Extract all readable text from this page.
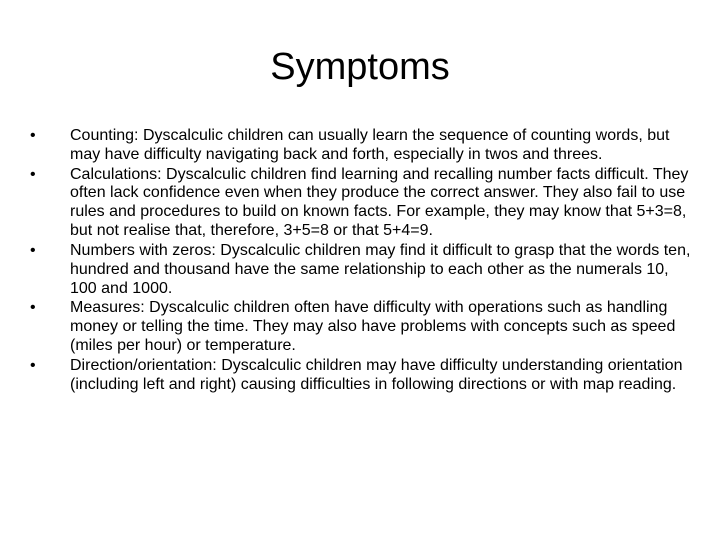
Symptoms
•	Counting: Dyscalculic children can usually learn the sequence of counting words, but may have difficulty navigating back and forth, especially in twos and threes.
•	Calculations: Dyscalculic children find learning and recalling number facts difficult. They often lack confidence even when they produce the correct answer. They also fail to use rules and procedures to build on known facts. For example, they may know that 5+3=8, but not realise that, therefore, 3+5=8 or that 5+4=9.
•	Numbers with zeros: Dyscalculic children may find it difficult to grasp that the words ten, hundred and thousand have the same relationship to each other as the numerals 10, 100 and 1000.
•	Measures: Dyscalculic children often have difficulty with operations such as handling money or telling the time. They may also have problems with concepts such as speed (miles per hour) or temperature.
•	Direction/orientation: Dyscalculic children may have difficulty understanding orientation (including left and right) causing difficulties in following directions or with map reading.
